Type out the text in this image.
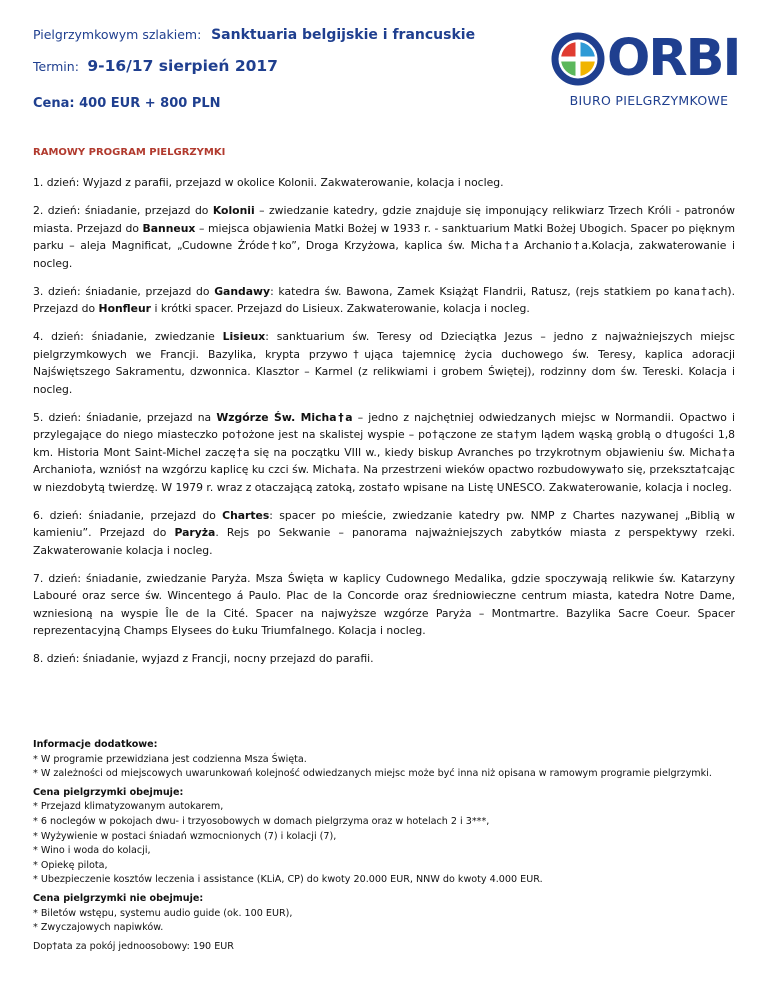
Pielgrzymkowym szlakiem: Sanktuaria belgijskie i francuskie
Termin: 9-16/17 sierpień 2017
Cena: 400 EUR + 800 PLN
ORBI
BIURO PIELGRZYMKOWE
RAMOWY PROGRAM PIELGRZYMKI

1. dzień: Wyjazd z parafii, przejazd w okolice Kolonii. Zakwaterowanie, kolacja i nocleg.

2. dzień: śniadanie, przejazd do Kolonii – zwiedzanie katedry, gdzie znajduje się imponujący relikwiarz Trzech Króli - patronów miasta. Przejazd do Banneux – miejsca objawienia Matki Bożej w 1933 r. - sanktuarium Matki Bożej Ubogich. Spacer po pięknym parku – aleja Magnificat, „Cudowne Źróde†ko”, Droga Krzyżowa, kaplica św. Micha†a Archanio†a.Kolacja, zakwaterowanie i nocleg.

3. dzień: śniadanie, przejazd do Gandawy: katedra św. Bawona, Zamek Książąt Flandrii, Ratusz, (rejs statkiem po kana†ach). Przejazd do Honfleur i krótki spacer. Przejazd do Lisieux. Zakwaterowanie, kolacja i nocleg.

4. dzień: śniadanie, zwiedzanie Lisieux: sanktuarium św. Teresy od Dzieciątka Jezus – jedno z najważniejszych miejsc pielgrzymkowych we Francji. Bazylika, krypta przywo†ująca tajemnicę życia duchowego św. Teresy, kaplica adoracji Najświętszego Sakramentu, dzwonnica. Klasztor – Karmel (z relikwiami i grobem Świętej), rodzinny dom św. Tereski. Kolacja i nocleg.

5. dzień: śniadanie, przejazd na Wzgórze Św. Micha†a – jedno z najchętniej odwiedzanych miejsc w Normandii. Opactwo i przylegające do niego miasteczko po†ożone jest na skalistej wyspie – po†ączone ze sta†ym lądem wąską groblą o d†ugości 1,8 km. Historia Mont Saint-Michel zaczę†a się na początku VIII w., kiedy biskup Avranches po trzykrotnym objawieniu św. Micha†a Archanio†a, wzniós† na wzgórzu kaplicę ku czci św. Micha†a. Na przestrzeni wieków opactwo rozbudowywa†o się, przekszta†cając w niezdobytą twierdzę. W 1979 r. wraz z otaczającą zatoką, zosta†o wpisane na Listę UNESCO. Zakwaterowanie, kolacja i nocleg.

6. dzień: śniadanie, przejazd do Chartes: spacer po mieście, zwiedzanie katedry pw. NMP z Chartes nazywanej „Biblią w kamieniu”. Przejazd do Paryża. Rejs po Sekwanie – panorama najważniejszych zabytków miasta z perspektywy rzeki. Zakwaterowanie kolacja i nocleg.

7. dzień: śniadanie, zwiedzanie Paryża. Msza Święta w kaplicy Cudownego Medalika, gdzie spoczywają relikwie św. Katarzyny Labouré oraz serce św. Wincentego á Paulo. Plac de la Concorde oraz średniowieczne centrum miasta, katedra Notre Dame, wzniesioną na wyspie Île de la Cité. Spacer na najwyższe wzgórze Paryża – Montmartre. Bazylika Sacre Coeur. Spacer reprezentacyjną Champs Elysees do Łuku Triumfalnego. Kolacja i nocleg.

8. dzień: śniadanie, wyjazd z Francji, nocny przejazd do parafii.

Informacje dodatkowe:
* W programie przewidziana jest codzienna Msza Święta.
* W zależności od miejscowych uwarunkowań kolejność odwiedzanych miejsc może być inna niż opisana w ramowym programie pielgrzymki.
Cena pielgrzymki obejmuje:
* Przejazd klimatyzowanym autokarem,
* 6 noclegów w pokojach dwu- i trzyosobowych w domach pielgrzyma oraz w hotelach 2 i 3***,
* Wyżywienie w postaci śniadań wzmocnionych (7) i kolacji (7),
* Wino i woda do kolacji,
* Opiekę pilota,
* Ubezpieczenie kosztów leczenia i assistance (KLiA, CP) do kwoty 20.000 EUR, NNW do kwoty 4.000 EUR.
Cena pielgrzymki nie obejmuje:
* Biletów wstępu, systemu audio guide (ok. 100 EUR),
* Zwyczajowych napiwków.
Dop†ata za pokój jednoosobowy: 190 EUR
